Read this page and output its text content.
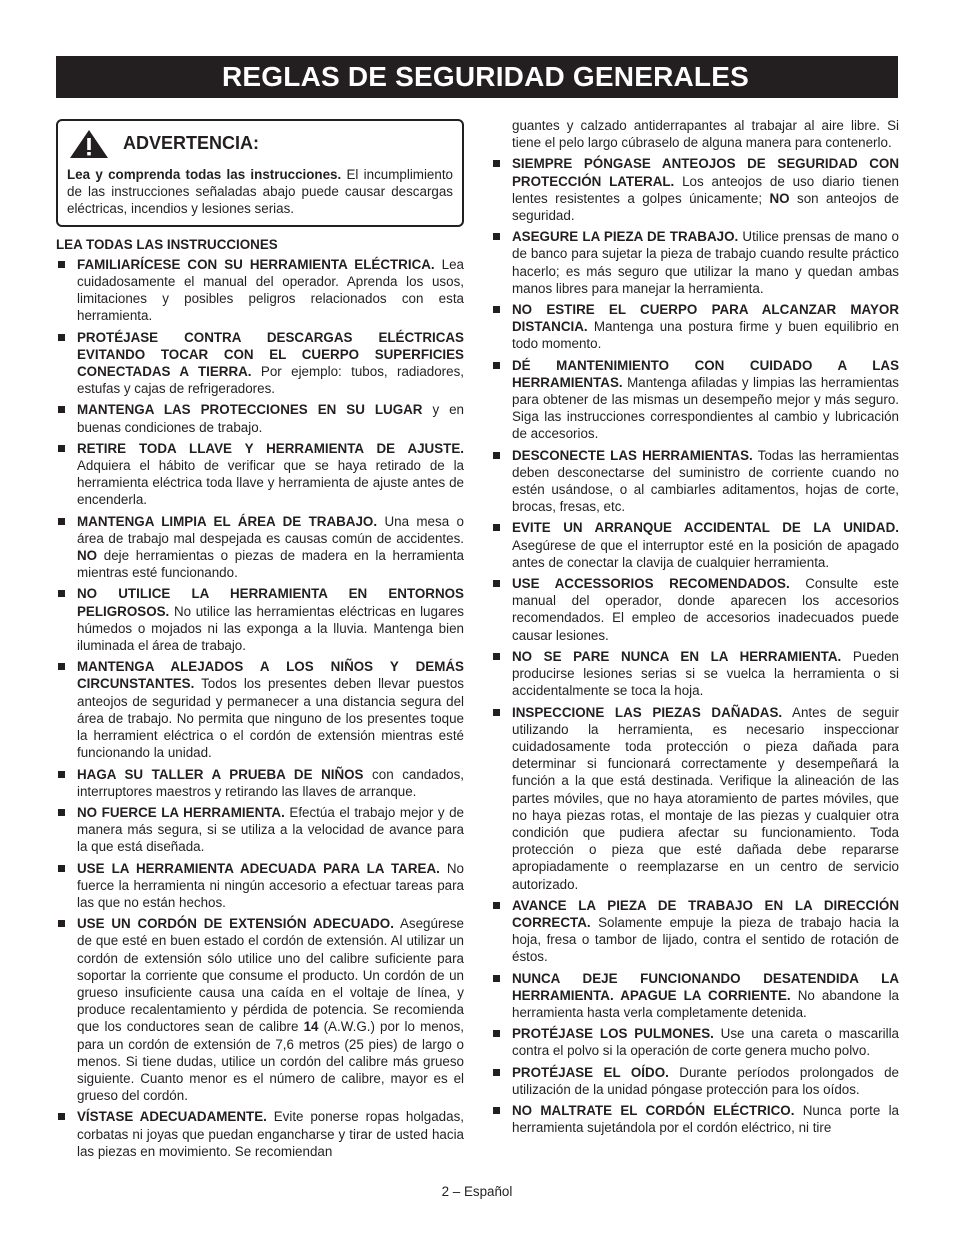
REGLAS DE SEGURIDAD GENERALES
ADVERTENCIA:
Lea y comprenda todas las instrucciones. El incumplimiento de las instrucciones señaladas abajo puede causar descargas eléctricas, incendios y lesiones serias.
LEA TODAS LAS INSTRUCCIONES
FAMILIARÍCESE CON SU HERRAMIENTA ELÉCTRICA. Lea cuidadosamente el manual del operador. Aprenda los usos, limitaciones y posibles peligros relacionados con esta herramienta.
PROTÉJASE CONTRA DESCARGAS ELÉCTRICAS EVITANDO TOCAR CON EL CUERPO SUPERFICIES CONECTADAS A TIERRA. Por ejemplo: tubos, radiadores, estufas y cajas de refrigeradores.
MANTENGA LAS PROTECCIONES EN SU LUGAR y en buenas condiciones de trabajo.
RETIRE TODA LLAVE Y HERRAMIENTA DE AJUSTE. Adquiera el hábito de verificar que se haya retirado de la herramienta eléctrica toda llave y herramienta de ajuste antes de encenderla.
MANTENGA LIMPIA EL ÁREA DE TRABAJO. Una mesa o área de trabajo mal despejada es causas común de accidentes. NO deje herramientas o piezas de madera en la herramienta mientras esté funcionando.
NO UTILICE LA HERRAMIENTA EN ENTORNOS PELIGROSOS. No utilice las herramientas eléctricas en lugares húmedos o mojados ni las exponga a la lluvia. Mantenga bien iluminada el área de trabajo.
MANTENGA ALEJADOS A LOS NIÑOS Y DEMÁS CIRCUNSTANTES. Todos los presentes deben llevar puestos anteojos de seguridad y permanecer a una distancia segura del área de trabajo. No permita que ninguno de los presentes toque la herramient eléctrica o el cordón de extensión mientras esté funcionando la unidad.
HAGA SU TALLER A PRUEBA DE NIÑOS con candados, interruptores maestros y retirando las llaves de arranque.
NO FUERCE LA HERRAMIENTA. Efectúa el trabajo mejor y de manera más segura, si se utiliza a la velocidad de avance para la que está diseñada.
USE LA HERRAMIENTA ADECUADA PARA LA TAREA. No fuerce la herramienta ni ningún accesorio a efectuar tareas para las que no están hechos.
USE UN CORDÓN DE EXTENSIÓN ADECUADO. Asegúrese de que esté en buen estado el cordón de extensión. Al utilizar un cordón de extensión sólo utilice uno del calibre suficiente para soportar la corriente que consume el producto. Un cordón de un grueso insuficiente causa una caída en el voltaje de línea, y produce recalentamiento y pérdida de potencia. Se recomienda que los conductores sean de calibre 14 (A.W.G.) por lo menos, para un cordón de extensión de 7,6 metros (25 pies) de largo o menos. Si tiene dudas, utilice un cordón del calibre más grueso siguiente. Cuanto menor es el número de calibre, mayor es el grueso del cordón.
VÍSTASE ADECUADAMENTE. Evite ponerse ropas holgadas, corbatas ni joyas que puedan engancharse y tirar de usted hacia las piezas en movimiento. Se recomiendan
guantes y calzado antiderrapantes al trabajar al aire libre. Si tiene el pelo largo cúbraselo de alguna manera para contenerlo.
SIEMPRE PÓNGASE ANTEOJOS DE SEGURIDAD CON PROTECCIÓN LATERAL. Los anteojos de uso diario tienen lentes resistentes a golpes únicamente; NO son anteojos de seguridad.
ASEGURE LA PIEZA DE TRABAJO. Utilice prensas de mano o de banco para sujetar la pieza de trabajo cuando resulte práctico hacerlo; es más seguro que utilizar la mano y quedan ambas manos libres para manejar la herramienta.
NO ESTIRE EL CUERPO PARA ALCANZAR MAYOR DISTANCIA. Mantenga una postura firme y buen equilibrio en todo momento.
DÉ MANTENIMIENTO CON CUIDADO A LAS HERRAMIENTAS. Mantenga afiladas y limpias las herramientas para obtener de las mismas un desempeño mejor y más seguro. Siga las instrucciones correspondientes al cambio y lubricación de accesorios.
DESCONECTE LAS HERRAMIENTAS. Todas las herramientas deben desconectarse del suministro de corriente cuando no estén usándose, o al cambiarles aditamentos, hojas de corte, brocas, fresas, etc.
EVITE UN ARRANQUE ACCIDENTAL DE LA UNIDAD. Asegúrese de que el interruptor esté en la posición de apagado antes de conectar la clavija de cualquier herramienta.
USE ACCESSORIOS RECOMENDADOS. Consulte este manual del operador, donde aparecen los accesorios recomendados. El empleo de accesorios inadecuados puede causar lesiones.
NO SE PARE NUNCA EN LA HERRAMIENTA. Pueden producirse lesiones serias si se vuelca la herramienta o si accidentalmente se toca la hoja.
INSPECCIONE LAS PIEZAS DAÑADAS. Antes de seguir utilizando la herramienta, es necesario inspeccionar cuidadosamente toda protección o pieza dañada para determinar si funcionará correctamente y desempeñará la función a la que está destinada. Verifique la alineación de las partes móviles, que no haya atoramiento de partes móviles, que no haya piezas rotas, el montaje de las piezas y cualquier otra condición que pudiera afectar su funcionamiento. Toda protección o pieza que esté dañada debe repararse apropiadamente o reemplazarse en un centro de servicio autorizado.
AVANCE LA PIEZA DE TRABAJO EN LA DIRECCIÓN CORRECTA. Solamente empuje la pieza de trabajo hacia la hoja, fresa o tambor de lijado, contra el sentido de rotación de éstos.
NUNCA DEJE FUNCIONANDO DESATENDIDA LA HERRAMIENTA. APAGUE LA CORRIENTE. No abandone la herramienta hasta verla completamente detenida.
PROTÉJASE LOS PULMONES. Use una careta o mascarilla contra el polvo si la operación de corte genera mucho polvo.
PROTÉJASE EL OÍDO. Durante períodos prolongados de utilización de la unidad póngase protección para los oídos.
NO MALTRATE EL CORDÓN ELÉCTRICO. Nunca porte la herramienta sujetándola por el cordón eléctrico, ni tire
2 – Español
